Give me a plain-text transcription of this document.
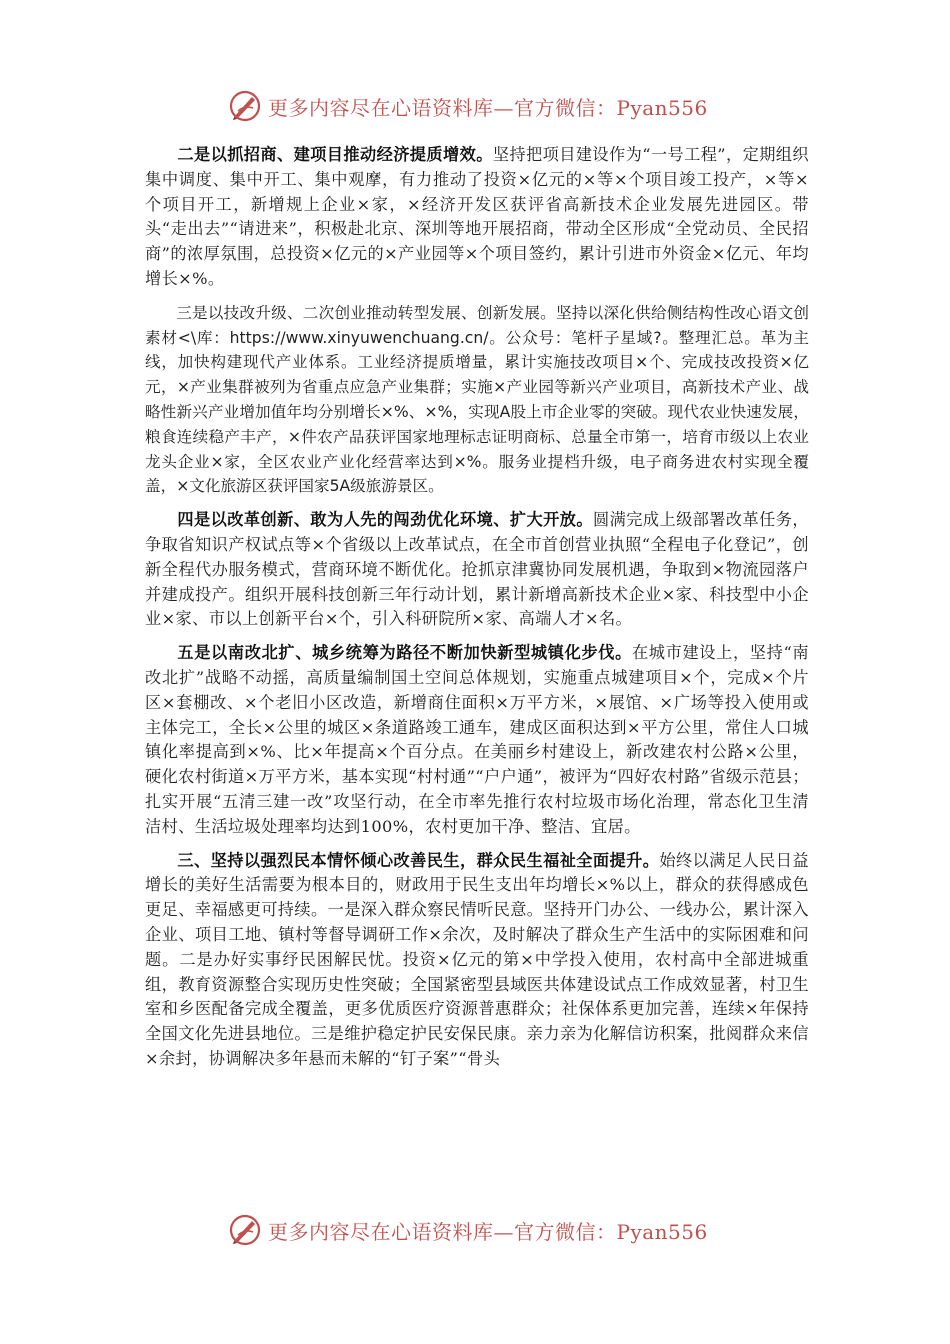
更多内容尽在心语资料库—官方微信：Pyan556

二是以抓招商、建项目推动经济提质增效。坚持把项目建设作为“一号工程”，定期组织集中调度、集中开工、集中观摩，有力推动了投资×亿元的×等×个项目竣工投产，×等×个项目开工，新增规上企业×家，×经济开发区获评省高新技术企业发展先进园区。带头“走出去”“请进来”，积极赴北京、深圳等地开展招商，带动全区形成“全党动员、全民招商”的浓厚氛围，总投资×亿元的×产业园等×个项目签约，累计引进市外资金×亿元、年均增长×%。

三是以技改升级、二次创业推动转型发展、创新发展。坚持以深化供给侧结构性改心语文创素材<\库：https://www.xinyuwenchuang.cn/。公众号：笔杆子星域?。整理汇总。革为主线，加快构建现代产业体系。工业经济提质增量，累计实施技改项目×个、完成技改投资×亿元，×产业集群被列为省重点应急产业集群；实施×产业园等新兴产业项目，高新技术产业、战略性新兴产业增加值年均分别增长×%、×%，实现A股上市企业零的突破。现代农业快速发展，粮食连续稳产丰产，×件农产品获评国家地理标志证明商标、总量全市第一，培育市级以上农业龙头企业×家，全区农业产业化经营率达到×%。服务业提档升级，电子商务进农村实现全覆盖，×文化旅游区获评国家5A级旅游景区。

四是以改革创新、敢为人先的闯劲优化环境、扩大开放。圆满完成上级部署改革任务，争取省知识产权试点等×个省级以上改革试点，在全市首创营业执照“全程电子化登记”，创新全程代办服务模式，营商环境不断优化。抢抓京津冀协同发展机遇，争取到×物流园落户并建成投产。组织开展科技创新三年行动计划，累计新增高新技术企业×家、科技型中小企业×家、市以上创新平台×个，引入科研院所×家、高端人才×名。

五是以南改北扩、城乡统筹为路径不断加快新型城镇化步伐。在城市建设上，坚持“南改北扩”战略不动摇，高质量编制国土空间总体规划，实施重点城建项目×个，完成×个片区×套棚改、×个老旧小区改造，新增商住面积×万平方米，×展馆、×广场等投入使用或主体完工，全长×公里的城区×条道路竣工通车，建成区面积达到×平方公里，常住人口城镇化率提高到×%、比×年提高×个百分点。在美丽乡村建设上，新改建农村公路×公里，硬化农村街道×万平方米，基本实现“村村通”“户户通”，被评为“四好农村路”省级示范县；扎实开展“五清三建一改”攻坚行动，在全市率先推行农村垃圾市场化治理，常态化卫生清洁村、生活垃圾处理率均达到100%，农村更加干净、整洁、宜居。

三、坚持以强烈民本情怀倾心改善民生，群众民生福祉全面提升。始终以满足人民日益增长的美好生活需要为根本目的，财政用于民生支出年均增长×%以上，群众的获得感成色更足、幸福感更可持续。一是深入群众察民情听民意。坚持开门办公、一线办公，累计深入企业、项目工地、镇村等督导调研工作×余次，及时解决了群众生产生活中的实际困难和问题。二是办好实事纾民困解民忧。投资×亿元的第×中学投入使用，农村高中全部进城重组，教育资源整合实现历史性突破；全国紧密型县域医共体建设试点工作成效显著，村卫生室和乡医配备完成全覆盖，更多优质医疗资源普惠群众；社保体系更加完善，连续×年保持全国文化先进县地位。三是维护稳定护民安保民康。亲力亲为化解信访积案，批阅群众来信×余封，协调解决多年悬而未解的“钉子案”“骨头

更多内容尽在心语资料库—官方微信：Pyan556
